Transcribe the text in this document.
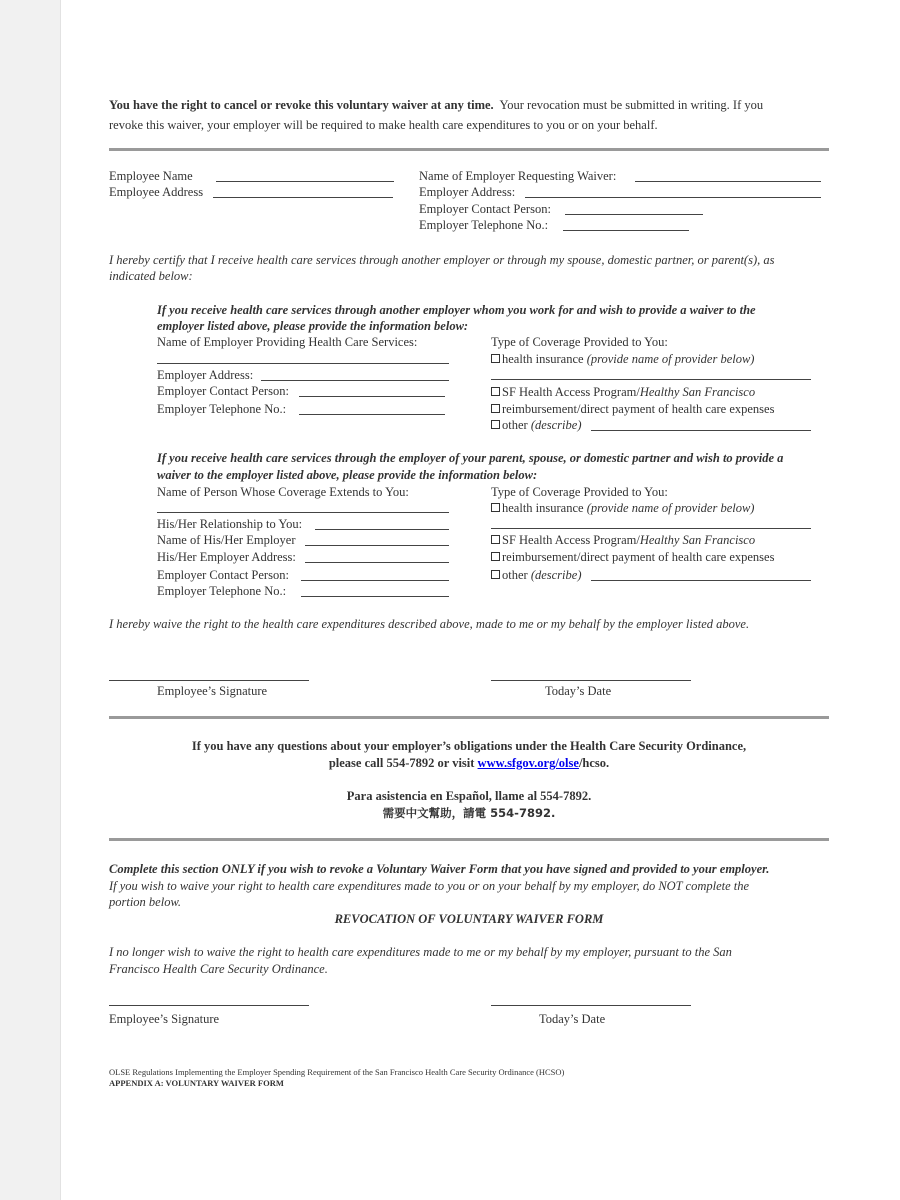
You have the right to cancel or revoke this voluntary waiver at any time. Your revocation must be submitted in writing. If you
revoke this waiver, your employer will be required to make health care expenditures to you or on your behalf.
Employee Name
Employee Address
Name of Employer Requesting Waiver:
Employer Address:
Employer Contact Person:
Employer Telephone No.:
I hereby certify that I receive health care services through another employer or through my spouse, domestic partner, or parent(s), as
indicated below:
If you receive health care services through another employer whom you work for and wish to provide a waiver to the
employer listed above, please provide the information below:
Name of Employer Providing Health Care Services:
Employer Address:
Employer Contact Person:
Employer Telephone No.:
Type of Coverage Provided to You:
health insurance (provide name of provider below)
SF Health Access Program/Healthy San Francisco
reimbursement/direct payment of health care expenses
other (describe)
If you receive health care services through the employer of your parent, spouse, or domestic partner and wish to provide a
waiver to the employer listed above, please provide the information below:
Name of Person Whose Coverage Extends to You:
His/Her Relationship to You:
Name of His/Her Employer
His/Her Employer Address:
Employer Contact Person:
Employer Telephone No.:
Type of Coverage Provided to You:
health insurance (provide name of provider below)
SF Health Access Program/Healthy San Francisco
reimbursement/direct payment of health care expenses
other (describe)
I hereby waive the right to the health care expenditures described above, made to me or my behalf by the employer listed above.
Employee’s Signature	Today’s Date
If you have any questions about your employer’s obligations under the Health Care Security Ordinance,
please call 554-7892 or visit www.sfgov.org/olse/hcso.
Para asistencia en Español, llame al 554-7892.
需要中文幫助，請電 554-7892.
Complete this section ONLY if you wish to revoke a Voluntary Waiver Form that you have signed and provided to your employer.
If you wish to waive your right to health care expenditures made to you or on your behalf by my employer, do NOT complete the
portion below.
REVOCATION OF VOLUNTARY WAIVER FORM
I no longer wish to waive the right to health care expenditures made to me or my behalf by my employer, pursuant to the San
Francisco Health Care Security Ordinance.
Employee’s Signature	Today’s Date
OLSE Regulations Implementing the Employer Spending Requirement of the San Francisco Health Care Security Ordinance (HCSO)
APPENDIX A: VOLUNTARY WAIVER FORM
